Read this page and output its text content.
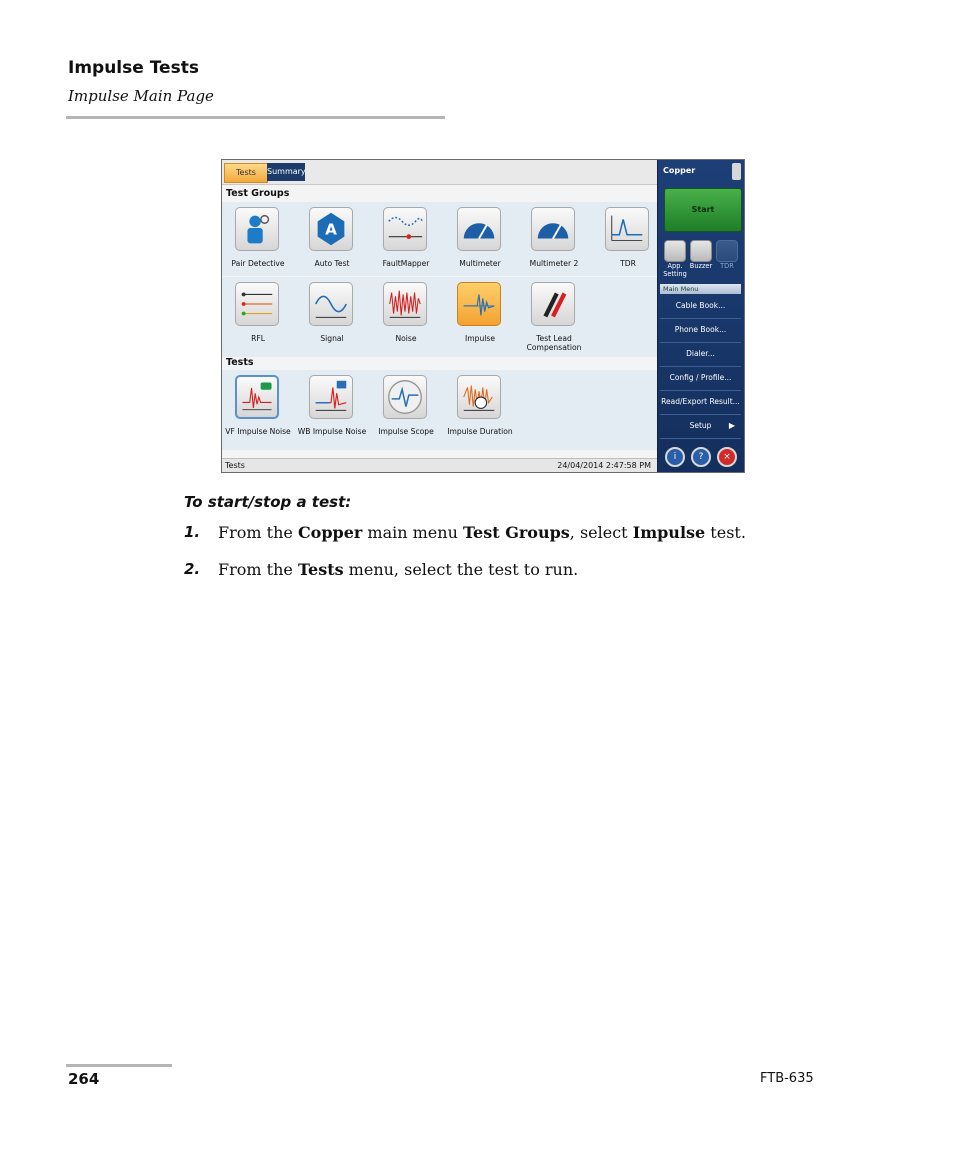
Impulse Tests
Impulse Main Page
Tests	Summary
Test Groups
Pair Detective
A
Auto Test	FaultMapper	Multimeter	Multimeter 2	TDR
RFL	Signal	Noise	Impulse	Test Lead Compensation
Tests
VF Impulse Noise WB Impulse Noise	Impulse Scope	Impulse Duration
Tests	24/04/2014 2:47:58 PM
Copper
Start
App. Setting
Buzzer	TDR
Main Menu
Cable Book...
Phone Book...
Dialer...
Config / Profile...
Read/Export Result...
Setup ▶
i	?	×
To start/stop a test:
1. From the Copper main menu Test Groups, select Impulse test.
2. From the Tests menu, select the test to run.
264	FTB-635
